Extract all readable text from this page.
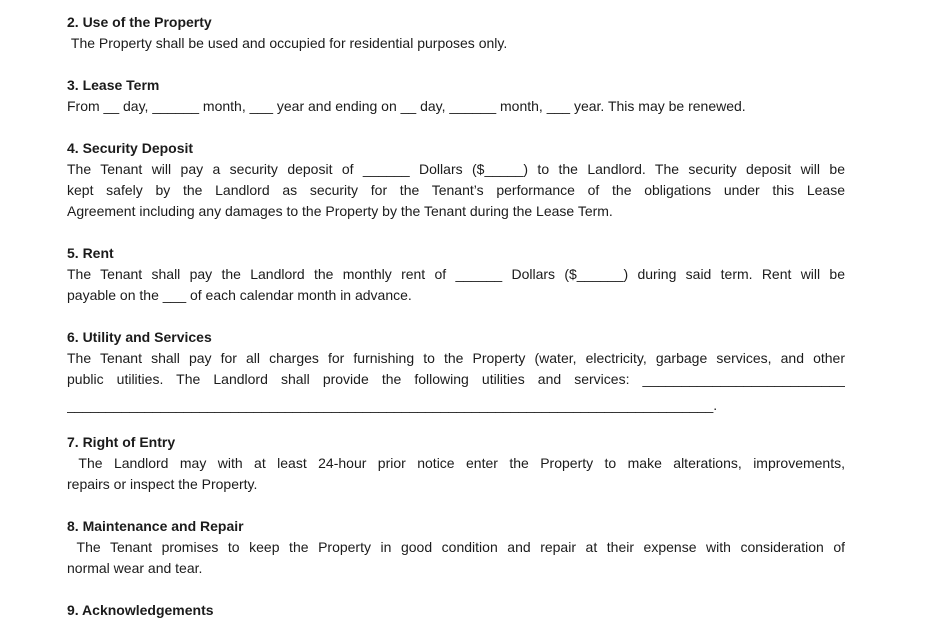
2. Use of the Property
The Property shall be used and occupied for residential purposes only.
3. Lease Term
From __ day, ______ month, ___ year and ending on __ day, ______ month, ___ year. This may be renewed.
4. Security Deposit
The Tenant will pay a security deposit of ______ Dollars ($_____) to the Landlord. The security deposit will be
kept safely by the Landlord as security for the Tenant’s performance of the obligations under this Lease
Agreement including any damages to the Property by the Tenant during the Lease Term.
5. Rent
The Tenant shall pay the Landlord the monthly rent of ______ Dollars ($______) during said term. Rent will be
payable on the ___ of each calendar month in advance.
6. Utility and Services
The Tenant shall pay for all charges for furnishing to the Property (water, electricity, garbage services, and other
public utilities. The Landlord shall provide the following utilities and services: __________________________
___________________________________________________________________________________.
7. Right of Entry
The Landlord may with at least 24-hour prior notice enter the Property to make alterations, improvements,
repairs or inspect the Property.
8. Maintenance and Repair
The Tenant promises to keep the Property in good condition and repair at their expense with consideration of
normal wear and tear.
9. Acknowledgements
